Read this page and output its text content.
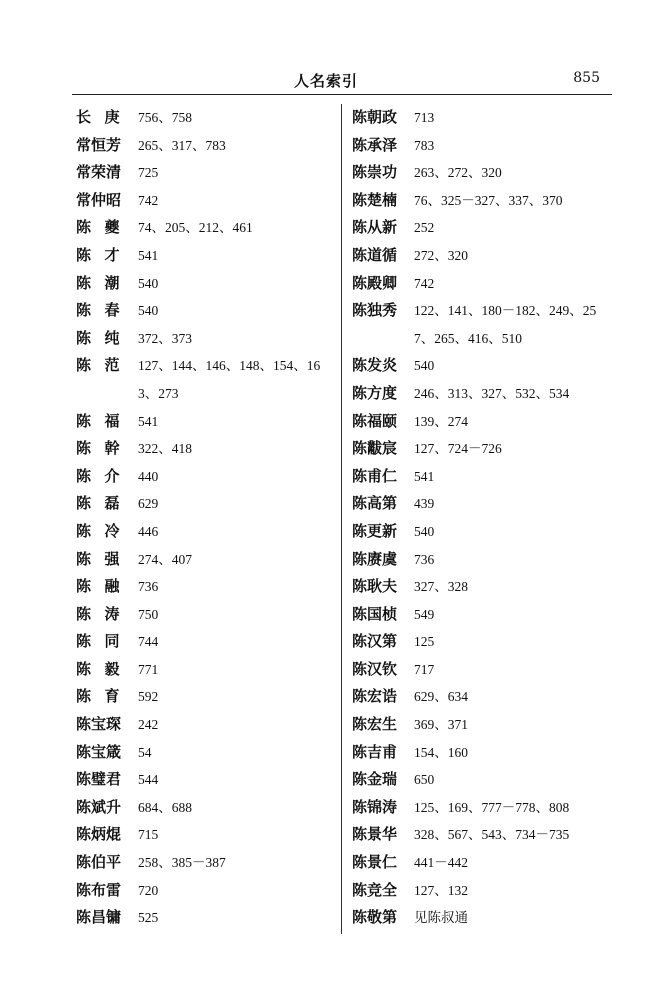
人名索引	855
长庚 756、758
常恒芳	265、317、783
常荣清	725
常仲昭	742
陈夔 74、205、212、461
陈才 541
陈潮 540
陈春 540
陈纯 372、373
陈范 127、144、146、148、154、163、273
陈福 541
陈幹 322、418
陈介 440
陈磊 629
陈冷 446
陈强 274、407
陈融 736
陈涛 750
陈同 744
陈毅 771
陈育 592
陈宝琛	242
陈宝箴	54
陈璧君	544
陈斌升	684、688
陈炳焜	715
陈伯平	258、385－387
陈布雷	720
陈昌镛	525
陈朝政	713
陈承泽	783
陈崇功	263、272、320
陈楚楠	76、325－327、337、370
陈从新	252
陈道循	272、320
陈殿卿	742
陈独秀	122、141、180－182、249、257、265、416、510
陈发炎	540
陈方度	246、313、327、532、534
陈福颐	139、274
陈黻宸	127、724－726
陈甫仁	541
陈高第	439
陈更新	540
陈赓虞	736
陈耿夫	327、328
陈国桢	549
陈汉第	125
陈汉钦	717
陈宏诰	629、634
陈宏生	369、371
陈吉甫	154、160
陈金瑞	650
陈锦涛	125、169、777－778、808
陈景华	328、567、543、734－735
陈景仁	441－442
陈竞全	127、132
陈敬第	见陈叔通
